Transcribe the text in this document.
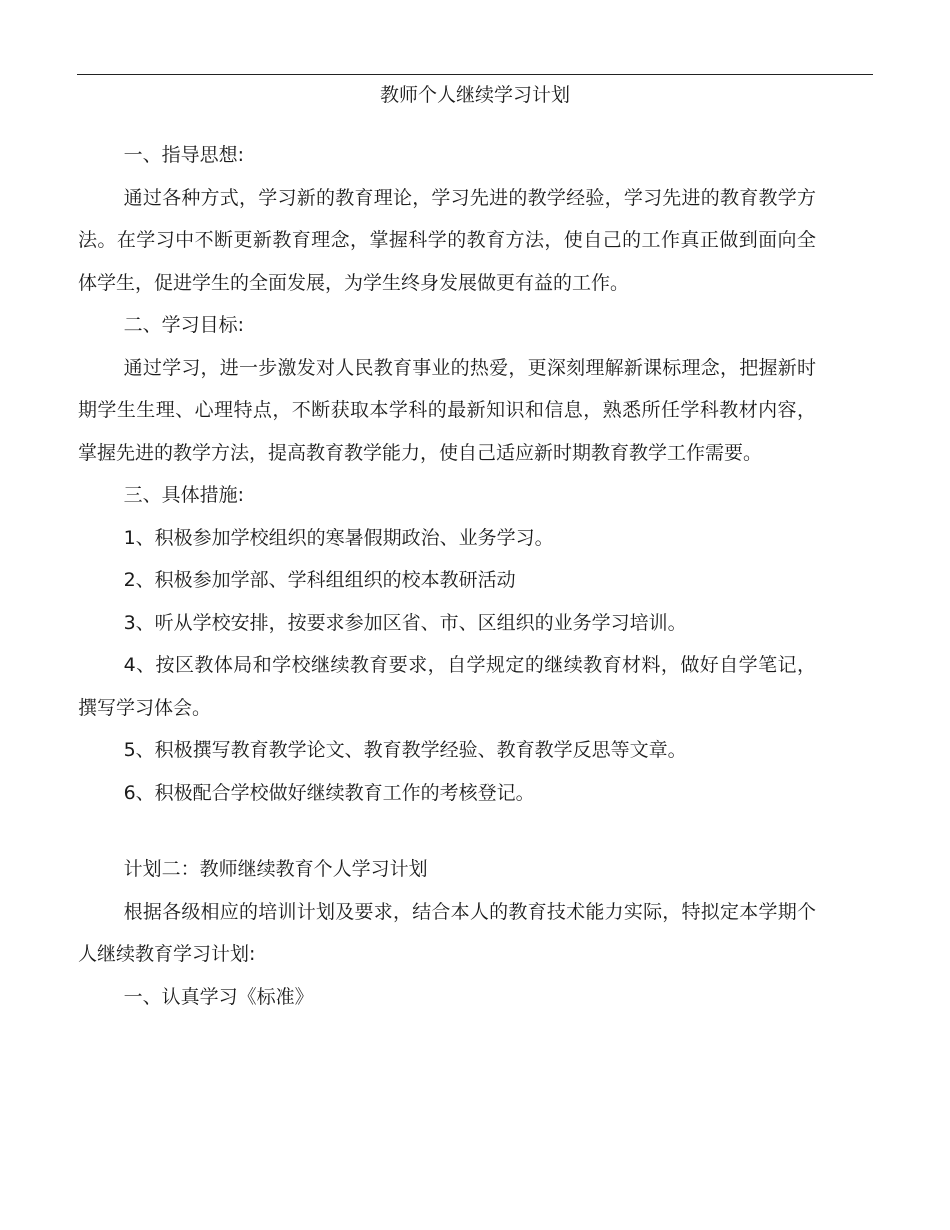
教师个人继续学习计划

一、指导思想:

通过各种方式，学习新的教育理论，学习先进的教学经验，学习先进的教育教学方法。在学习中不断更新教育理念，掌握科学的教育方法，使自己的工作真正做到面向全体学生，促进学生的全面发展，为学生终身发展做更有益的工作。

二、学习目标:

通过学习，进一步激发对人民教育事业的热爱，更深刻理解新课标理念，把握新时期学生生理、心理特点，不断获取本学科的最新知识和信息，熟悉所任学科教材内容，掌握先进的教学方法，提高教育教学能力，使自己适应新时期教育教学工作需要。

三、具体措施:

1、积极参加学校组织的寒暑假期政治、业务学习。

2、积极参加学部、学科组组织的校本教研活动

3、听从学校安排，按要求参加区省、市、区组织的业务学习培训。

4、按区教体局和学校继续教育要求，自学规定的继续教育材料，做好自学笔记，撰写学习体会。

5、积极撰写教育教学论文、教育教学经验、教育教学反思等文章。

6、积极配合学校做好继续教育工作的考核登记。

计划二：教师继续教育个人学习计划

根据各级相应的培训计划及要求，结合本人的教育技术能力实际，特拟定本学期个人继续教育学习计划:

一、认真学习《标准》
